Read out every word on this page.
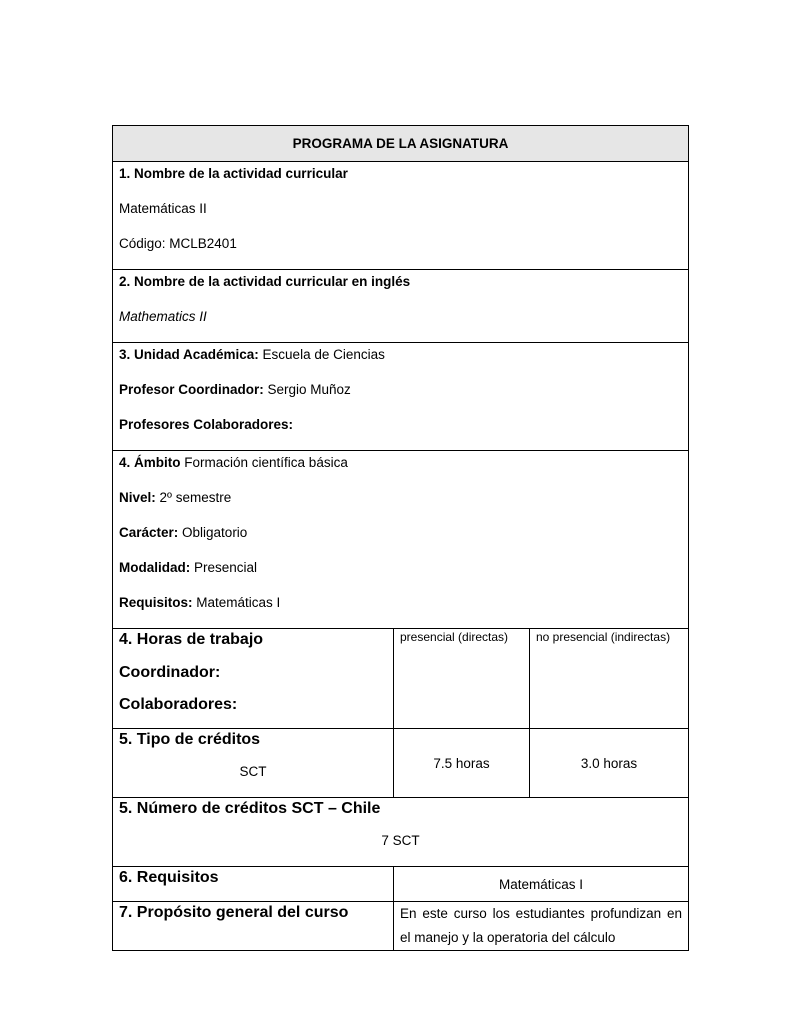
PROGRAMA DE LA ASIGNATURA		

1. Nombre de la actividad curricular
Matemáticas II
Código: MCLB2401		

2. Nombre de la actividad curricular en inglés
Mathematics II		

3. Unidad Académica: Escuela de Ciencias
Profesor Coordinador: Sergio Muñoz
Profesores Colaboradores:		

4. Ámbito Formación científica básica
Nivel: 2º semestre
Carácter: Obligatorio
Modalidad: Presencial
Requisitos: Matemáticas I		

4. Horas de trabajo
Coordinador:
Colaboradores:	presencial (directas)	no presencial (indirectas)

5. Tipo de créditos
SCT	7.5 horas	3.0 horas

5. Número de créditos SCT – Chile
7 SCT		

6. Requisitos	Matemáticas I	

7. Propósito general del curso	En este curso los estudiantes profundizan en el manejo y la operatoria del cálculo	
